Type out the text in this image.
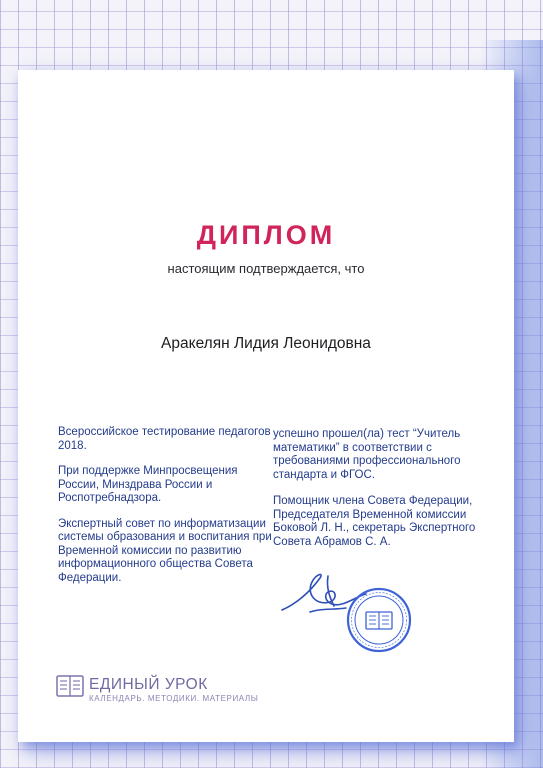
ДИПЛОМ
настоящим подтверждается, что
Аракелян Лидия Леонидовна

Всероссийское тестирование педагогов 2018.

При поддержке Минпросвещения России, Минздрава России и Роспотребнадзора.

Экспертный совет по информатизации системы образования и воспитания при Временной комиссии по развитию информационного общества Совета Федерации.

успешно прошел(ла) тест “Учитель математики” в соответствии с требованиями профессионального стандарта и ФГОС.

Помощник члена Совета Федерации, Председателя Временной комиссии Боковой Л. Н., секретарь Экспертного Совета Абрамов С. А.

ЕДИНЫЙ УРОК
КАЛЕНДАРЬ. МЕТОДИКИ. МАТЕРИАЛЫ
